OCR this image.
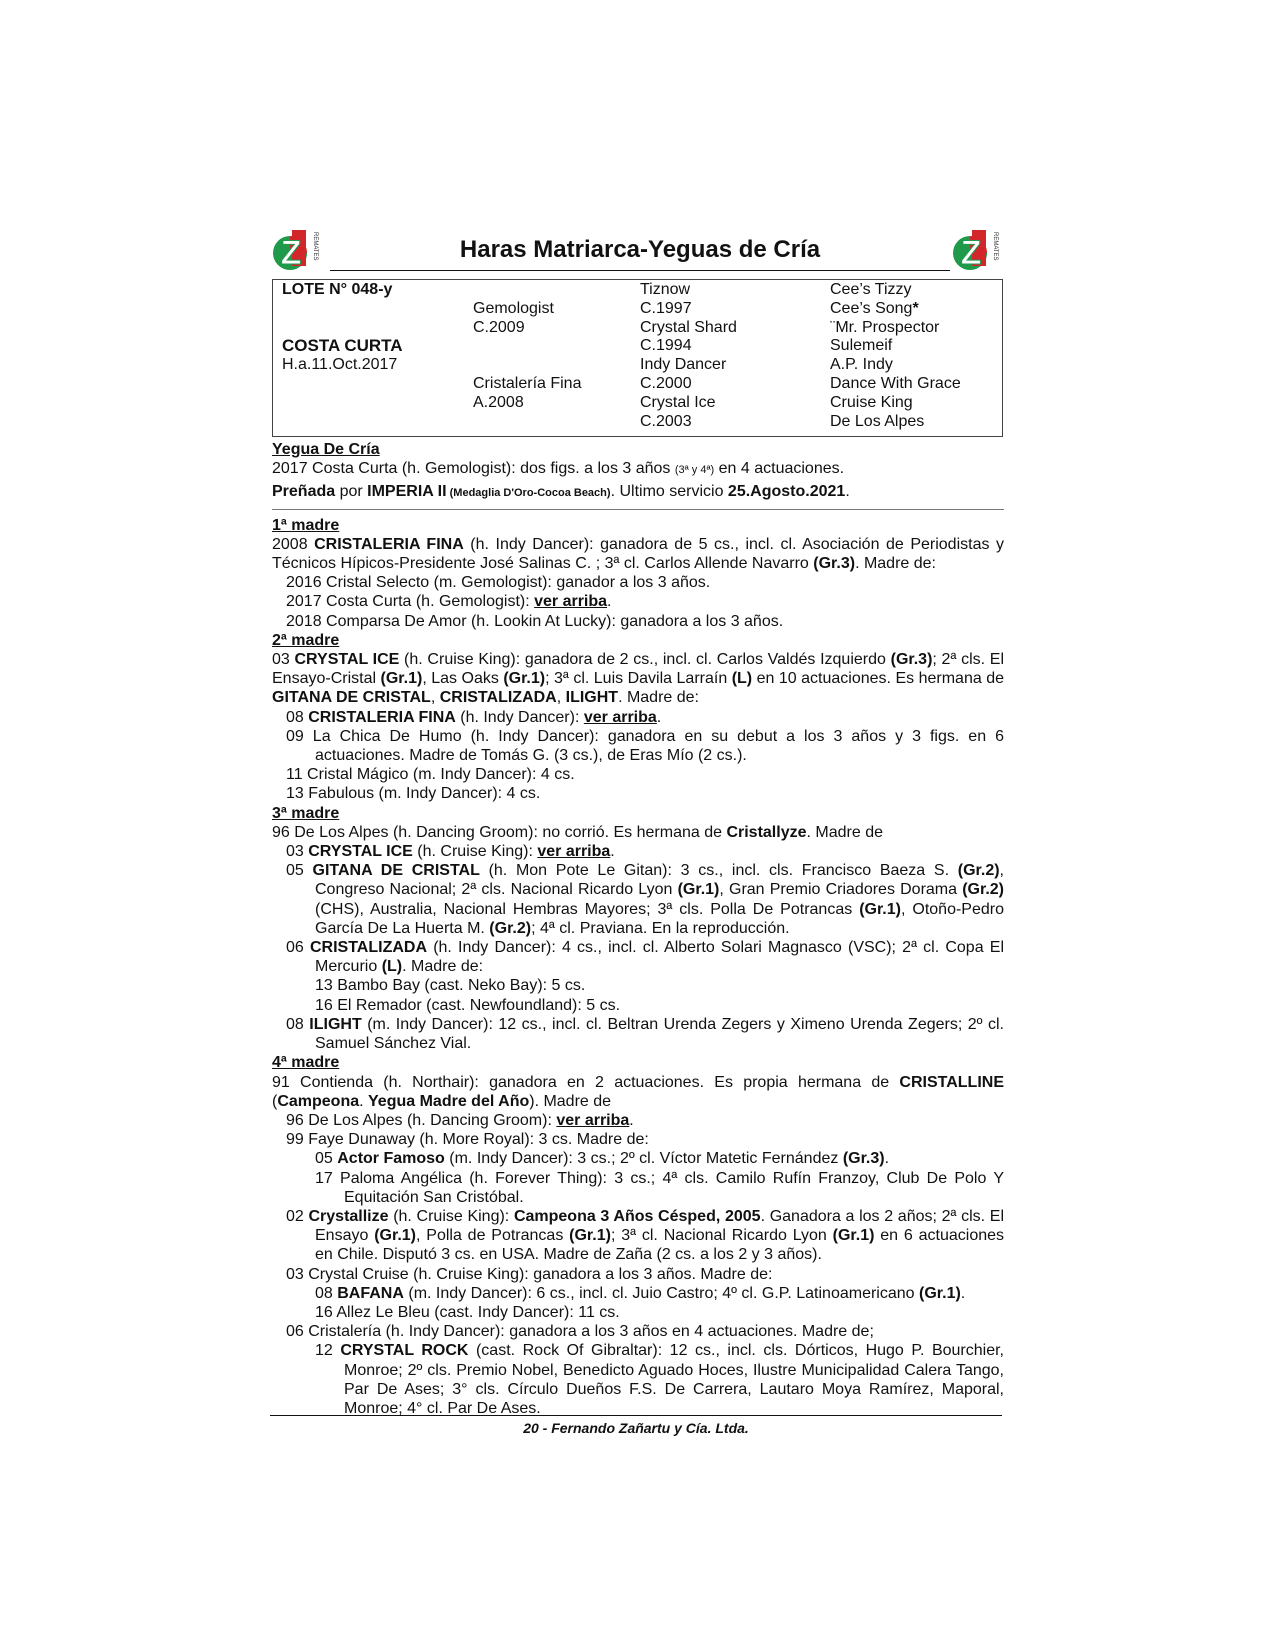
Z REMATES	Haras Matriarca-Yeguas de Cría	Z REMATES
LOTE N° 048-y
COSTA CURTA
H.a.11.Oct.2017
Gemologist
C.2009
Cristalería Fina
A.2008
Tiznow
C.1997
Crystal Shard
C.1994
Indy Dancer
C.2000
Crystal Ice
C.2003
Cee’s Tizzy
Cee’s Song*
¨Mr. Prospector
Sulemeif
A.P. Indy
Dance With Grace
Cruise King
De Los Alpes

Yegua De Cría

2017 Costa Curta (h. Gemologist): dos figs. a los 3 años (3ª y 4ª) en 4 actuaciones.

Preñada por IMPERIA II (Medaglia D'Oro-Cocoa Beach). Ultimo servicio 25.Agosto.2021.

1ª madre

2008 CRISTALERIA FINA (h. Indy Dancer): ganadora de 5 cs., incl. cl. Asociación de Periodistas y Técnicos Hípicos-Presidente José Salinas C. ; 3ª cl. Carlos Allende Navarro (Gr.3). Madre de:

2016 Cristal Selecto (m. Gemologist): ganador a los 3 años.

2017 Costa Curta (h. Gemologist): ver arriba.

2018 Comparsa De Amor (h. Lookin At Lucky): ganadora a los 3 años.

2ª madre

03 CRYSTAL ICE (h. Cruise King): ganadora de 2 cs., incl. cl. Carlos Valdés Izquierdo (Gr.3); 2ª cls. El Ensayo-Cristal (Gr.1), Las Oaks (Gr.1); 3ª cl. Luis Davila Larraín (L) en 10 actuaciones. Es hermana de GITANA DE CRISTAL, CRISTALIZADA, ILIGHT. Madre de:

08 CRISTALERIA FINA (h. Indy Dancer): ver arriba.

09 La Chica De Humo (h. Indy Dancer): ganadora en su debut a los 3 años y 3 figs. en 6 actuaciones. Madre de Tomás G. (3 cs.), de Eras Mío (2 cs.).

11 Cristal Mágico (m. Indy Dancer): 4 cs.

13 Fabulous (m. Indy Dancer): 4 cs.

3ª madre

96 De Los Alpes (h. Dancing Groom): no corrió. Es hermana de Cristallyze. Madre de

03 CRYSTAL ICE (h. Cruise King): ver arriba.

05 GITANA DE CRISTAL (h. Mon Pote Le Gitan): 3 cs., incl. cls. Francisco Baeza S. (Gr.2), Congreso Nacional; 2ª cls. Nacional Ricardo Lyon (Gr.1), Gran Premio Criadores Dorama (Gr.2) (CHS), Australia, Nacional Hembras Mayores; 3ª cls. Polla De Potrancas (Gr.1), Otoño-Pedro García De La Huerta M. (Gr.2); 4ª cl. Praviana. En la reproducción.

06 CRISTALIZADA (h. Indy Dancer): 4 cs., incl. cl. Alberto Solari Magnasco (VSC); 2ª cl. Copa El Mercurio (L). Madre de:

13 Bambo Bay (cast. Neko Bay): 5 cs.

16 El Remador (cast. Newfoundland): 5 cs.

08 ILIGHT (m. Indy Dancer): 12 cs., incl. cl. Beltran Urenda Zegers y Ximeno Urenda Zegers; 2º cl. Samuel Sánchez Vial.

4ª madre

91 Contienda (h. Northair): ganadora en 2 actuaciones. Es propia hermana de CRISTALLINE (Campeona. Yegua Madre del Año). Madre de

96 De Los Alpes (h. Dancing Groom): ver arriba.

99 Faye Dunaway (h. More Royal): 3 cs. Madre de:

05 Actor Famoso (m. Indy Dancer): 3 cs.; 2º cl. Víctor Matetic Fernández (Gr.3).

17 Paloma Angélica (h. Forever Thing): 3 cs.; 4ª cls. Camilo Rufín Franzoy, Club De Polo Y Equitación San Cristóbal.

02 Crystallize (h. Cruise King): Campeona 3 Años Césped, 2005. Ganadora a los 2 años; 2ª cls. El Ensayo (Gr.1), Polla de Potrancas (Gr.1); 3ª cl. Nacional Ricardo Lyon (Gr.1) en 6 actuaciones en Chile. Disputó 3 cs. en USA. Madre de Zaña (2 cs. a los 2 y 3 años).

03 Crystal Cruise (h. Cruise King): ganadora a los 3 años. Madre de:

08 BAFANA (m. Indy Dancer): 6 cs., incl. cl. Juio Castro; 4º cl. G.P. Latinoamericano (Gr.1).

16 Allez Le Bleu (cast. Indy Dancer): 11 cs.

06 Cristalería (h. Indy Dancer): ganadora a los 3 años en 4 actuaciones. Madre de;

12 CRYSTAL ROCK (cast. Rock Of Gibraltar): 12 cs., incl. cls. Dórticos, Hugo P. Bourchier, Monroe; 2º cls. Premio Nobel, Benedicto Aguado Hoces, Ilustre Municipalidad Calera Tango, Par De Ases; 3° cls. Círculo Dueños F.S. De Carrera, Lautaro Moya Ramírez, Maporal, Monroe; 4° cl. Par De Ases.

20 - Fernando Zañartu y Cía. Ltda.
